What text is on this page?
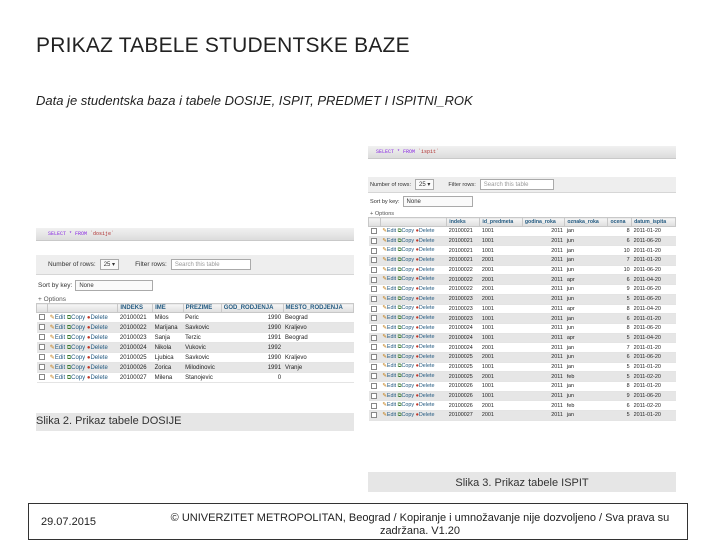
PRIKAZ TABELE STUDENTSKE BAZE
Data je studentska baza i tabele DOSIJE, ISPIT, PREDMET I ISPITNI_ROK
SELECT * FROM `dosije`
Number of rows:	25 ▾	Filter rows:	Search this table
Sort by key:	None
+ Options
		INDEKS	IME	PREZIME	GOD_RODJENJA	MESTO_RODJENJA
	✎Edit ⧉Copy ●Delete	20100021	Milos	Peric	1990	Beograd
	✎Edit ⧉Copy ●Delete	20100022	Marijana	Savkovic	1990	Kraljevo
	✎Edit ⧉Copy ●Delete	20100023	Sanja	Terzic	1991	Beograd
	✎Edit ⧉Copy ●Delete	20100024	Nikola	Vukovic	1992	
	✎Edit ⧉Copy ●Delete	20100025	Ljubica	Savkovic	1990	Kraljevo
	✎Edit ⧉Copy ●Delete	20100026	Zorica	Milodinovic	1991	Vranje
	✎Edit ⧉Copy ●Delete	20100027	Milena	Stanojevic	0	
Slika 2. Prikaz tabele DOSIJE
SELECT * FROM `ispit`
Number of rows:	25 ▾	Filter rows:	Search this table
Sort by key:	None
+ Options
		indeks	id_predmeta	godina_roka	oznaka_roka	ocena	datum_ispita
	✎Edit ⧉Copy ●Delete	20100021	1001	2011	jan	8	2011-01-20
	✎Edit ⧉Copy ●Delete	20100021	1001	2011	jun	6	2011-06-20
	✎Edit ⧉Copy ●Delete	20100021	1001	2011	jan	10	2011-01-20
	✎Edit ⧉Copy ●Delete	20100021	2001	2011	jan	7	2011-01-20
	✎Edit ⧉Copy ●Delete	20100022	2001	2011	jun	10	2011-06-20
	✎Edit ⧉Copy ●Delete	20100022	2001	2011	apr	6	2011-04-20
	✎Edit ⧉Copy ●Delete	20100022	2001	2011	jun	9	2011-06-20
	✎Edit ⧉Copy ●Delete	20100023	2001	2011	jun	5	2011-06-20
	✎Edit ⧉Copy ●Delete	20100023	1001	2011	apr	8	2011-04-20
	✎Edit ⧉Copy ●Delete	20100023	1001	2011	jan	6	2011-01-20
	✎Edit ⧉Copy ●Delete	20100024	1001	2011	jun	8	2011-06-20
	✎Edit ⧉Copy ●Delete	20100024	1001	2011	apr	5	2011-04-20
	✎Edit ⧉Copy ●Delete	20100024	2001	2011	jan	7	2011-01-20
	✎Edit ⧉Copy ●Delete	20100025	2001	2011	jun	6	2011-06-20
	✎Edit ⧉Copy ●Delete	20100025	1001	2011	jan	5	2011-01-20
	✎Edit ⧉Copy ●Delete	20100025	2001	2011	feb	5	2011-02-20
	✎Edit ⧉Copy ●Delete	20100026	1001	2011	jan	8	2011-01-20
	✎Edit ⧉Copy ●Delete	20100026	1001	2011	jun	9	2011-06-20
	✎Edit ⧉Copy ●Delete	20100026	2001	2011	feb	6	2011-02-20
	✎Edit ⧉Copy ●Delete	20100027	2001	2011	jan	5	2011-01-20
Slika 3. Prikaz tabele ISPIT
29.07.2015	© UNIVERZITET METROPOLITAN, Beograd / Kopiranje i umnožavanje nije dozvoljeno / Sva prava su zadržana. V1.20
